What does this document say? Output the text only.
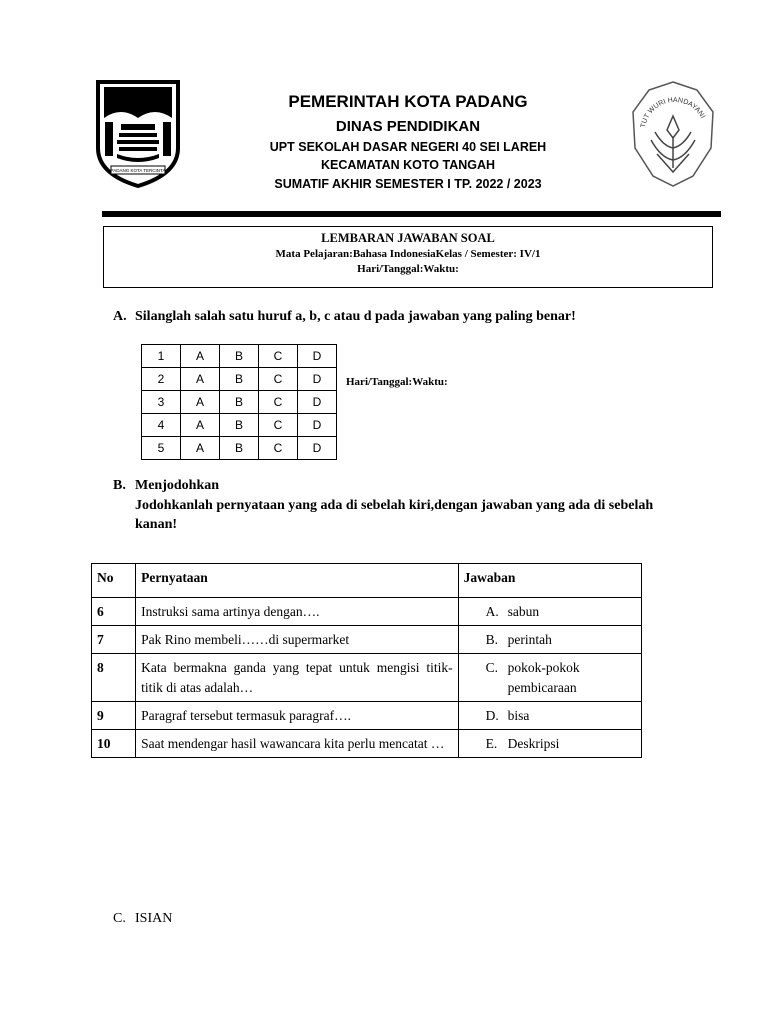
PADANG KOTA TERCINTA
TUT WURI HANDAYANI
PEMERINTAH KOTA PADANG
DINAS PENDIDIKAN
UPT SEKOLAH DASAR NEGERI 40 SEI LAREH
KECAMATAN KOTO TANGAH
SUMATIF AKHIR SEMESTER I TP. 2022 / 2023
LEMBARAN JAWABAN SOAL
Mata Pelajaran:Bahasa IndonesiaKelas / Semester: IV/1
Hari/Tanggal:Waktu:
A. Silanglah salah satu huruf a, b, c atau d pada jawaban yang paling benar!
1	A	B	C	D
2	A	B	C	D
3	A	B	C	D
4	A	B	C	D
5	A	B	C	D
Hari/Tanggal:Waktu:
B. Menjodohkan
Jodohkanlah pernyataan yang ada di sebelah kiri,dengan jawaban yang ada di sebelah kanan!
No	Pernyataan	Jawaban
6	Instruksi sama artinya dengan….	A. sabun

7	Pak Rino membeli……di supermarket	B. perintah

8	Kata bermakna ganda yang tepat untuk mengisi titik- titik di atas adalah…	C. pokok-pokok pembicaraan

9	Paragraf tersebut termasuk paragraf….	D. bisa

10	Saat mendengar hasil wawancara kita perlu mencatat …	E. Deskripsi
C. ISIAN
